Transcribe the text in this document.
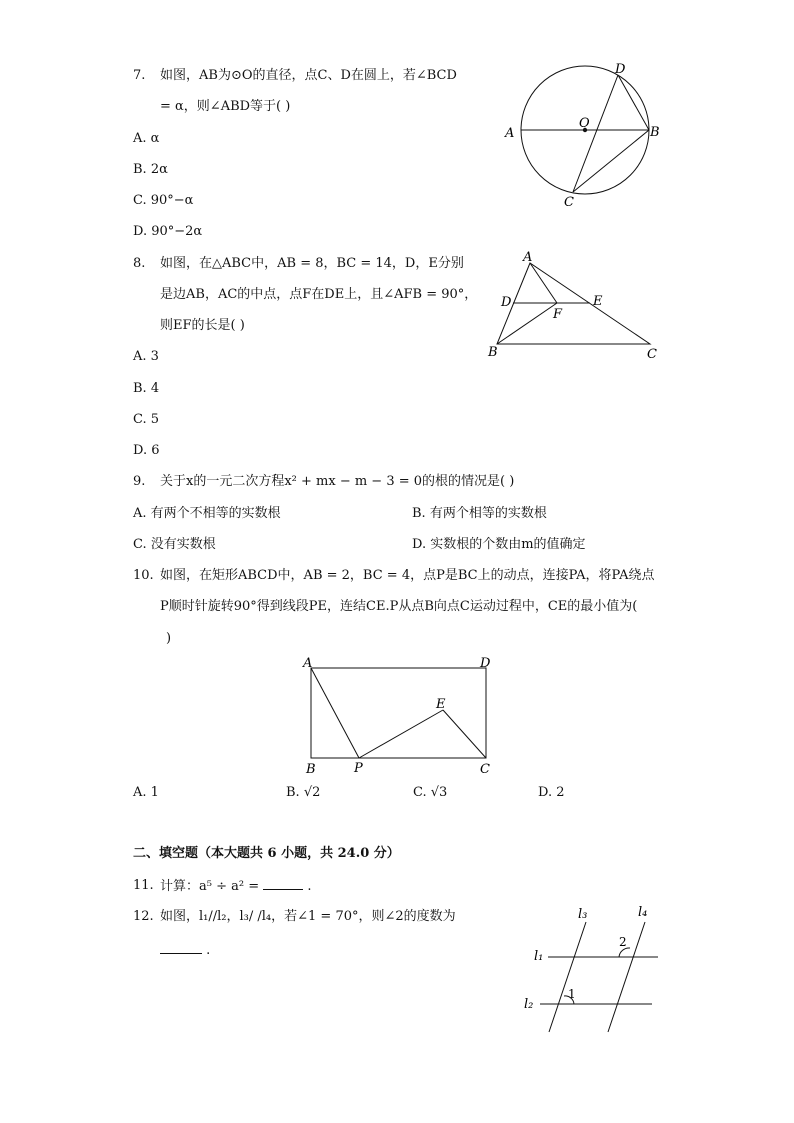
7. 如图，AB为⊙O的直径，点C、D在圆上，若∠BCD
= α，则∠ABD等于( )
A. α
B. 2α
C. 90°−α
D. 90°−2α
A	B
C
D
O
8. 如图，在△ABC中，AB = 8，BC = 14，D，E分别
是边AB，AC的中点，点F在DE上，且∠AFB = 90°，
则EF的长是( )
A. 3
B. 4
C. 5
D. 6
A
B	C
D	E
F
9. 关于x的一元二次方程x² + mx − m − 3 = 0的根的情况是( )
A. 有两个不相等的实数根	B. 有两个相等的实数根
C. 没有实数根	D. 实数根的个数由m的值确定
10. 如图，在矩形ABCD中，AB = 2，BC = 4，点P是BC上的动点，连接PA，将PA绕点
P顺时针旋转90°得到线段PE，连结CE.P从点B向点C运动过程中，CE的最小值为(
)
A	D
B	C
P
E
A. 1	B. √2	C. √3	D. 2
二、填空题（本大题共 6 小题，共 24.0 分）
11. 计算：a⁵ ÷ a² =	.
12. 如图，l₁//l₂，l₃/ /l₄，若∠1 = 70°，则∠2的度数为
.	l₁
l₂
l₃	l₄
1
2
